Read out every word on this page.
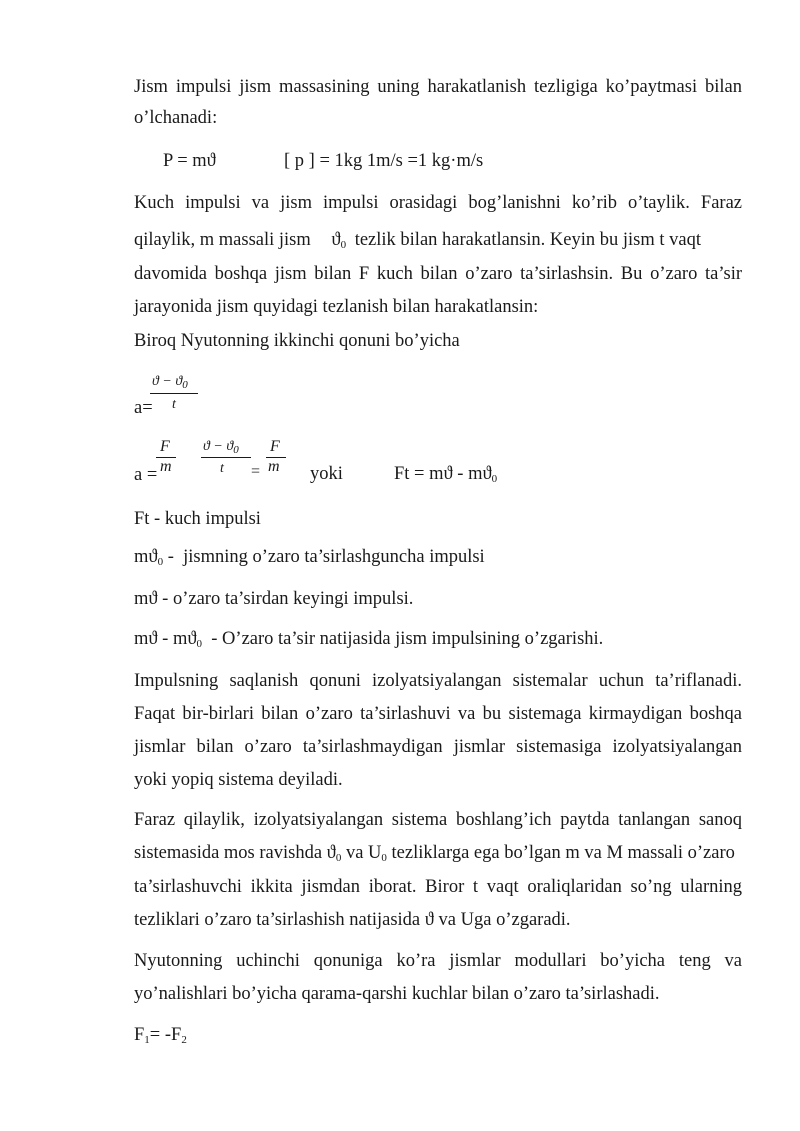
Jism impulsi jism massasining uning harakatlanish tezligiga ko’paytmasi bilan
o’lchanadi:
P = mϑ	[ p ] = 1kg 1m/s =1 kg·m/s
Kuch impulsi va jism impulsi orasidagi bog’lanishni ko’rib o’taylik. Faraz
qilaylik, m massali jism $ϑ_0$ tezlik bilan harakatlansin. Keyin bu jism t vaqt
davomida boshqa jism bilan F kuch bilan o’zaro ta’sirlashsin. Bu o’zaro ta’sir
jarayonida jism quyidagi tezlanish bilan harakatlansin:
Biroq Nyutonning ikkinchi qonuni bo’yicha
a=
$ϑ - ϑ_0$
t
a =
F
m
$ϑ - ϑ_0$
t =
F
m yoki	$Ft = mϑ - mϑ_0$
Ft - kuch impulsi
$mϑ_0$ -  jismning o’zaro ta’sirlashguncha impulsi
mϑ - o’zaro ta’sirdan keyingi impulsi.
mϑ - $mϑ_0$  - O’zaro ta’sir natijasida jism impulsining o’zgarishi.
Impulsning saqlanish qonuni izolyatsiyalangan sistemalar uchun ta’riflanadi.
Faqat bir-birlari bilan o’zaro ta’sirlashuvi va bu sistemaga kirmaydigan boshqa
jismlar bilan o’zaro ta’sirlashmaydigan jismlar sistemasiga izolyatsiyalangan
yoki yopiq sistema deyiladi.
Faraz qilaylik, izolyatsiyalangan sistema boshlang’ich paytda tanlangan sanoq
sistemasida mos ravishda $ϑ_0$ va $U_0$ tezliklarga ega bo’lgan m va M massali o’zaro
ta’sirlashuvchi ikkita jismdan iborat. Biror t vaqt oraliqlaridan so’ng ularning
tezliklari o’zaro ta’sirlashish natijasida ϑ va Uga o’zgaradi.
Nyutonning uchinchi qonuniga ko’ra jismlar modullari bo’yicha teng va
yo’nalishlari bo’yicha qarama-qarshi kuchlar bilan o’zaro ta’sirlashadi.
$F_1= -F_2$
